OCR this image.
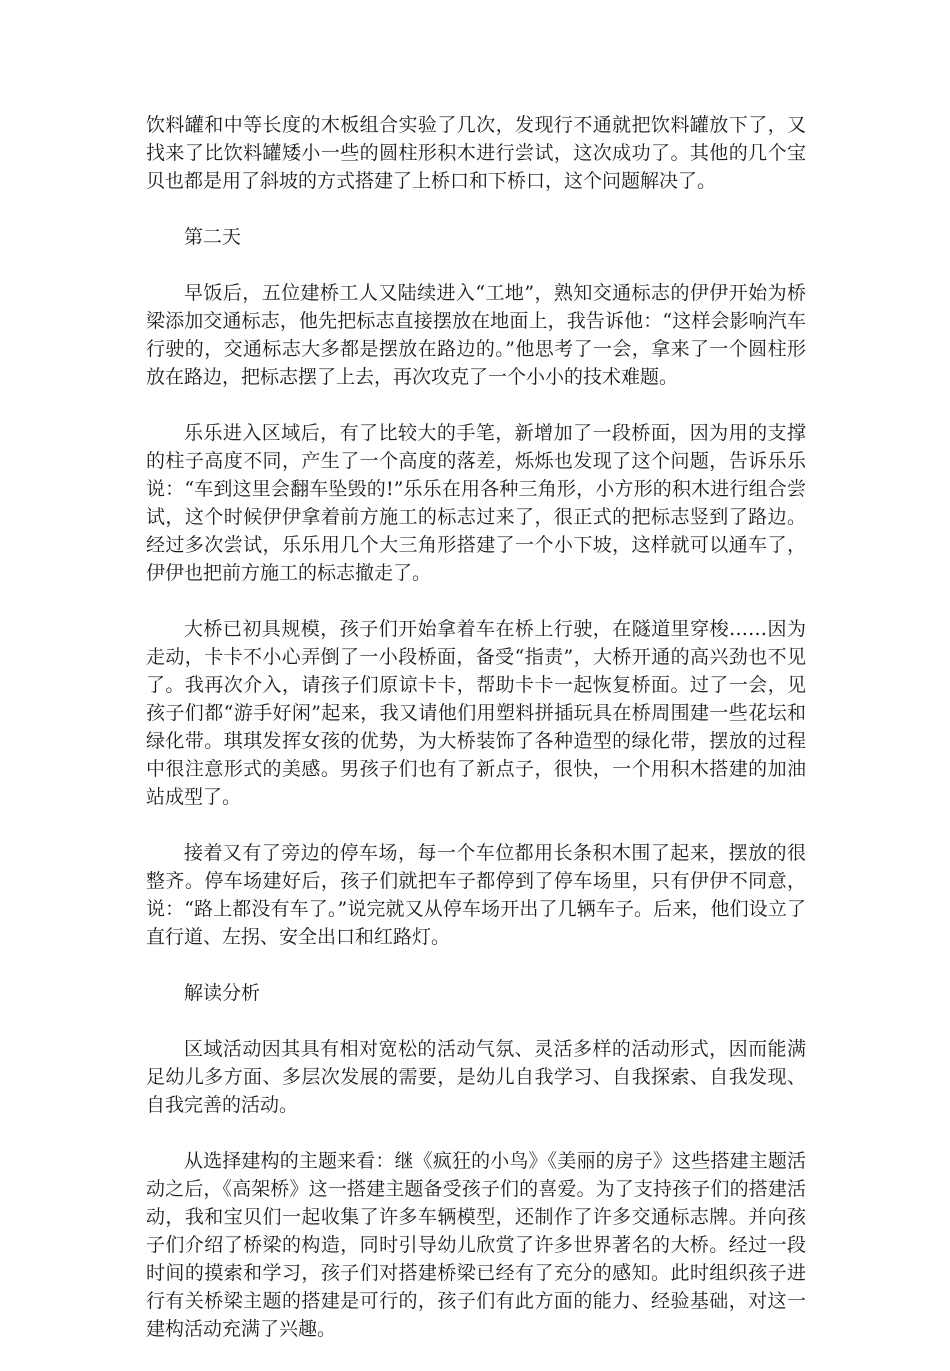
饮料罐和中等长度的木板组合实验了几次，发现行不通就把饮料罐放下了，又找来了比饮料罐矮小一些的圆柱形积木进行尝试，这次成功了。其他的几个宝贝也都是用了斜坡的方式搭建了上桥口和下桥口，这个问题解决了。

第二天

早饭后，五位建桥工人又陆续进入“工地”，熟知交通标志的伊伊开始为桥梁添加交通标志，他先把标志直接摆放在地面上，我告诉他：“这样会影响汽车行驶的，交通标志大多都是摆放在路边的。”他思考了一会，拿来了一个圆柱形放在路边，把标志摆了上去，再次攻克了一个小小的技术难题。

乐乐进入区域后，有了比较大的手笔，新增加了一段桥面，因为用的支撑的柱子高度不同，产生了一个高度的落差，烁烁也发现了这个问题，告诉乐乐说：“车到这里会翻车坠毁的!”乐乐在用各种三角形，小方形的积木进行组合尝试，这个时候伊伊拿着前方施工的标志过来了，很正式的把标志竖到了路边。经过多次尝试，乐乐用几个大三角形搭建了一个小下坡，这样就可以通车了，伊伊也把前方施工的标志撤走了。

大桥已初具规模，孩子们开始拿着车在桥上行驶，在隧道里穿梭……因为走动，卡卡不小心弄倒了一小段桥面，备受“指责”，大桥开通的高兴劲也不见了。我再次介入，请孩子们原谅卡卡，帮助卡卡一起恢复桥面。过了一会，见孩子们都“游手好闲”起来，我又请他们用塑料拼插玩具在桥周围建一些花坛和绿化带。琪琪发挥女孩的优势，为大桥装饰了各种造型的绿化带，摆放的过程中很注意形式的美感。男孩子们也有了新点子，很快，一个用积木搭建的加油站成型了。

接着又有了旁边的停车场，每一个车位都用长条积木围了起来，摆放的很整齐。停车场建好后，孩子们就把车子都停到了停车场里，只有伊伊不同意，说：“路上都没有车了。”说完就又从停车场开出了几辆车子。后来，他们设立了直行道、左拐、安全出口和红路灯。

解读分析

区域活动因其具有相对宽松的活动气氛、灵活多样的活动形式，因而能满足幼儿多方面、多层次发展的需要，是幼儿自我学习、自我探索、自我发现、自我完善的活动。

从选择建构的主题来看：继《疯狂的小鸟》《美丽的房子》这些搭建主题活动之后，《高架桥》这一搭建主题备受孩子们的喜爱。为了支持孩子们的搭建活动，我和宝贝们一起收集了许多车辆模型，还制作了许多交通标志牌。并向孩子们介绍了桥梁的构造，同时引导幼儿欣赏了许多世界著名的大桥。经过一段时间的摸索和学习，孩子们对搭建桥梁已经有了充分的感知。此时组织孩子进行有关桥梁主题的搭建是可行的，孩子们有此方面的能力、经验基础，对这一建构活动充满了兴趣。
